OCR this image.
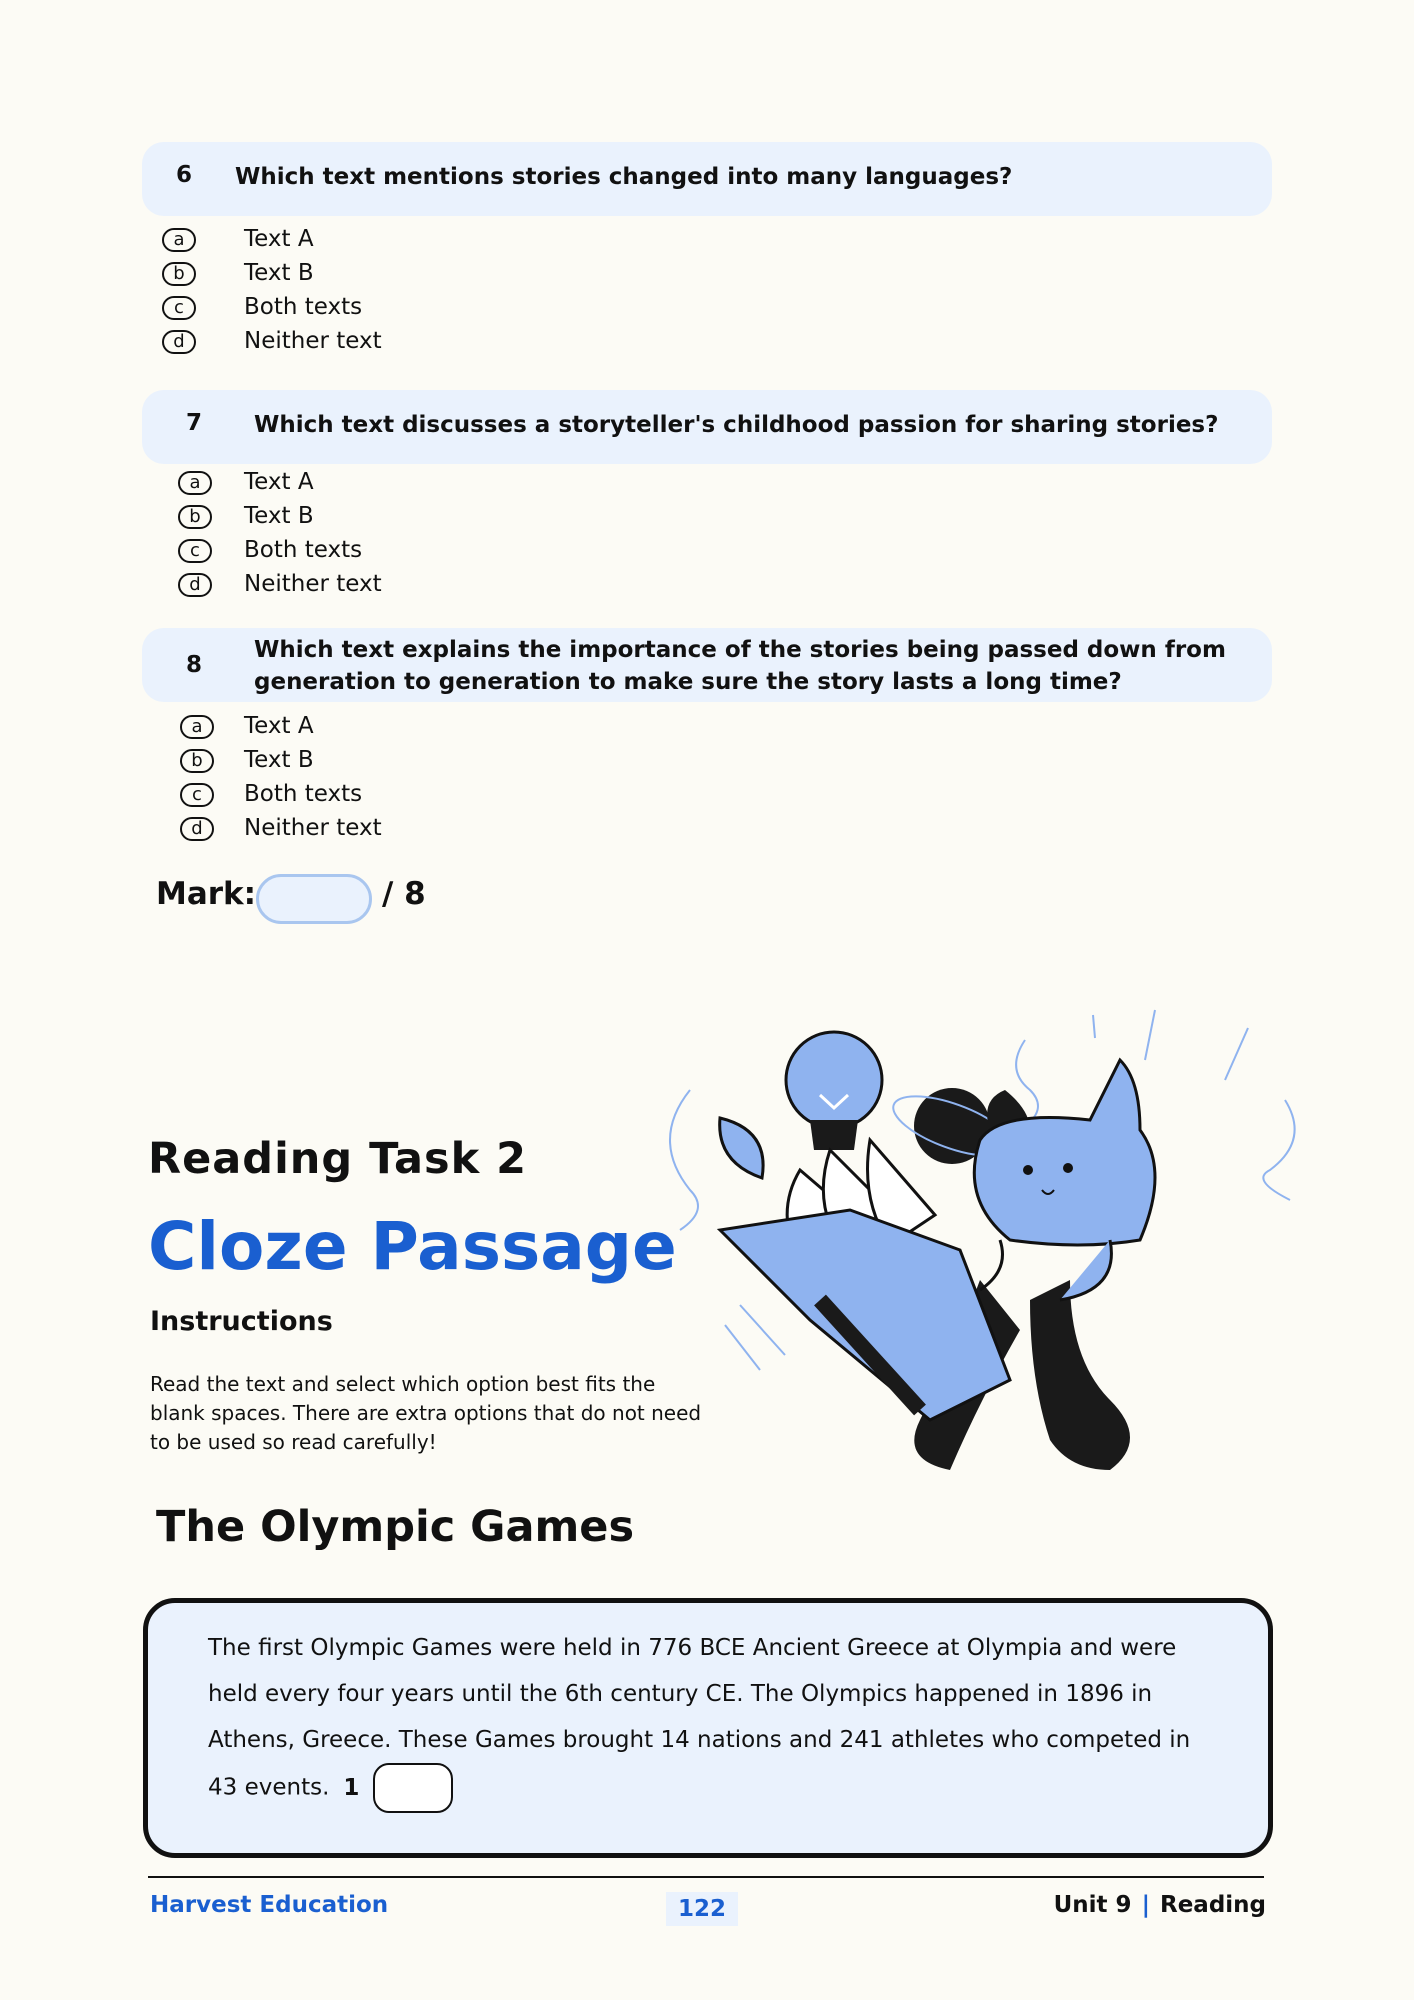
6 Which text mentions stories changed into many languages?
a	Text A
b	Text B
c	Both texts
d	Neither text
7 Which text discusses a storyteller's childhood passion for sharing stories?
a	Text A
b	Text B
c	Both texts
d	Neither text
8
Which text explains the importance of the stories being passed down from
generation to generation to make sure the story lasts a long time?
a	Text A
b	Text B
c	Both texts
d	Neither text
Mark:	/ 8
Reading Task 2
Cloze Passage
Instructions
Read the text and select which option best fits the blank spaces. There are extra options that do not need to be used so read carefully!
The Olympic Games
The first Olympic Games were held in 776 BCE Ancient Greece at Olympia and were held every four years until the 6th century CE. The Olympics happened in 1896 in Athens, Greece. These Games brought 14 nations and 241 athletes who competed in 43 events. 1
Harvest Education	122	Unit 9 | Reading
